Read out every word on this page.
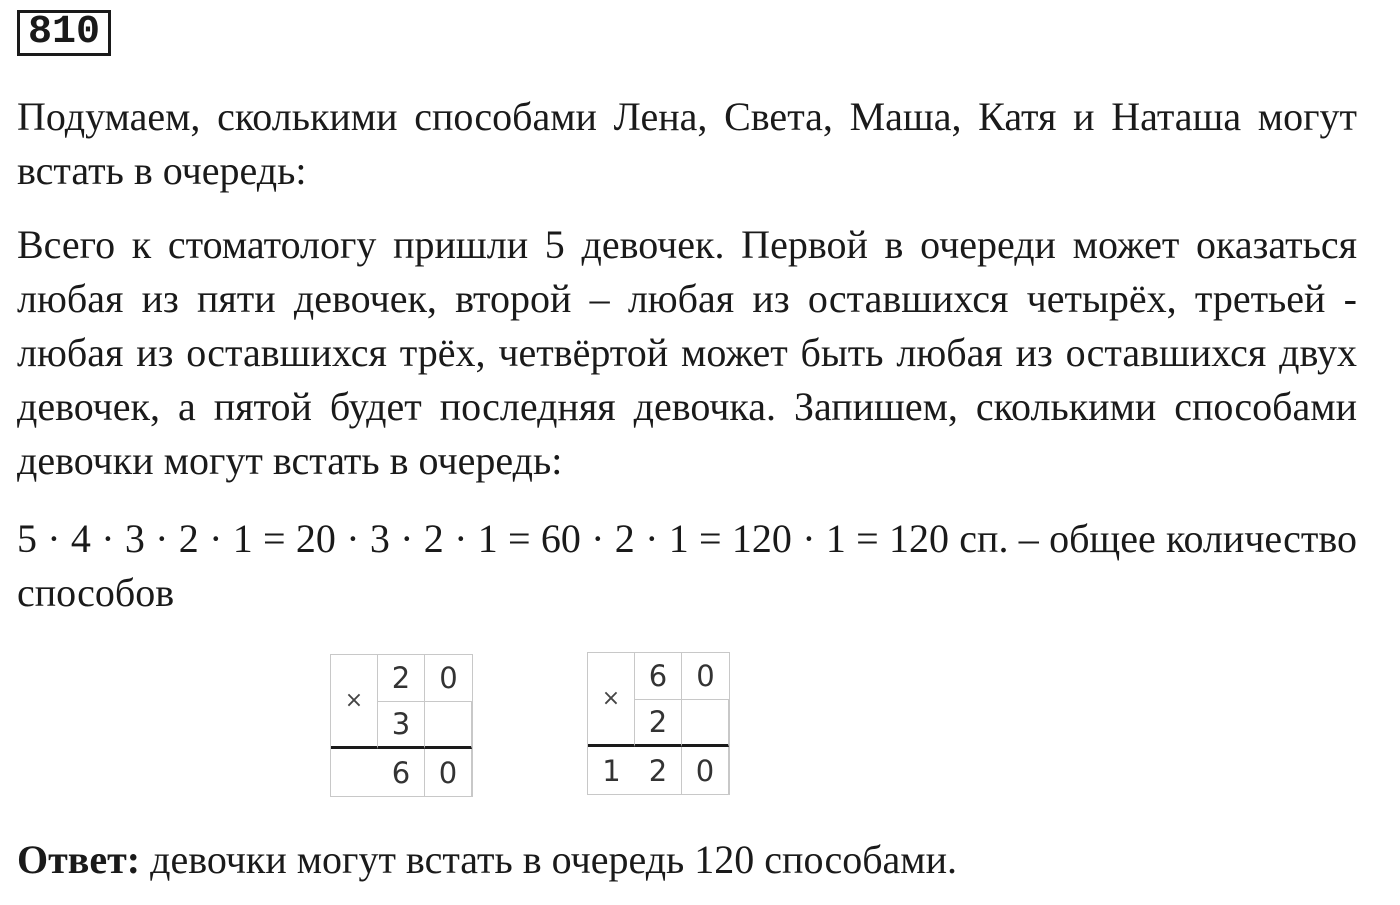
810

Подумаем, сколькими способами Лена, Света, Маша, Катя и Наташа могут встать в очередь:

Всего к стоматологу пришли 5 девочек. Первой в очереди может оказаться любая из пяти девочек, второй – любая из оставшихся четырёх, третьей - любая из оставшихся трёх, четвёртой может быть любая из оставшихся двух девочек, а пятой будет последняя девочка. Запишем, сколькими способами девочки могут встать в очередь:

5 · 4 · 3 · 2 · 1 = 20 · 3 · 2 · 1 = 60 · 2 · 1 = 120 · 1 = 120 сп. – общее количество способов

×
2	0
3
6 0
×
6	0
2
1 2 0

Ответ: девочки могут встать в очередь 120 способами.
